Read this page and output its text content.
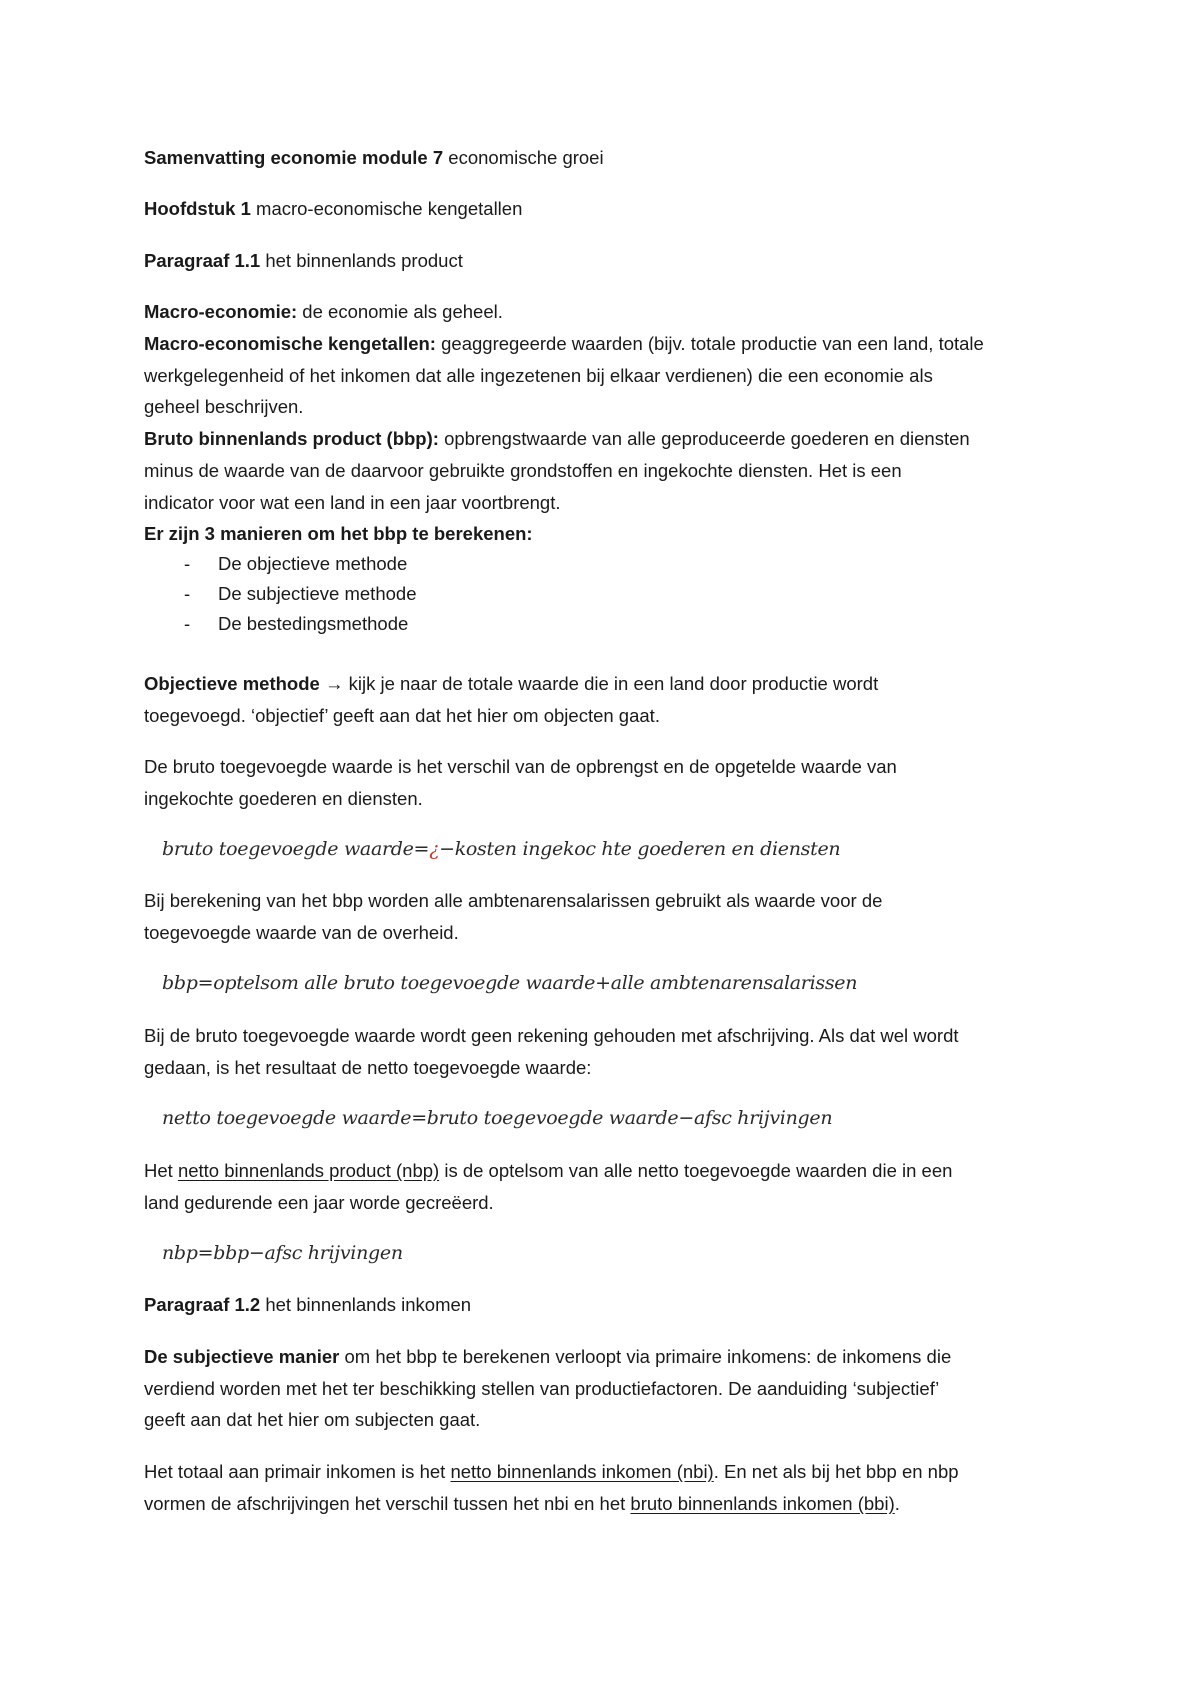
Samenvatting economie module 7 economische groei
Hoofdstuk 1 macro-economische kengetallen
Paragraaf 1.1 het binnenlands product
Macro-economie: de economie als geheel.
Macro-economische kengetallen: geaggregeerde waarden (bijv. totale productie van een land, totale
werkgelegenheid of het inkomen dat alle ingezetenen bij elkaar verdienen) die een economie als
geheel beschrijven.
Bruto binnenlands product (bbp): opbrengstwaarde van alle geproduceerde goederen en diensten
minus de waarde van de daarvoor gebruikte grondstoffen en ingekochte diensten. Het is een
indicator voor wat een land in een jaar voortbrengt.
Er zijn 3 manieren om het bbp te berekenen:
- De objectieve methode
- De subjectieve methode
- De bestedingsmethode
Objectieve methode → kijk je naar de totale waarde die in een land door productie wordt
toegevoegd. ‘objectief’ geeft aan dat het hier om objecten gaat.
De bruto toegevoegde waarde is het verschil van de opbrengst en de opgetelde waarde van
ingekochte goederen en diensten.
bruto toegevoegde waarde=¿−kosten ingekoc hte goederen en diensten
Bij berekening van het bbp worden alle ambtenarensalarissen gebruikt als waarde voor de
toegevoegde waarde van de overheid.
bbp=optelsom alle bruto toegevoegde waarde+alle ambtenarensalarissen
Bij de bruto toegevoegde waarde wordt geen rekening gehouden met afschrijving. Als dat wel wordt
gedaan, is het resultaat de netto toegevoegde waarde:
netto toegevoegde waarde=bruto toegevoegde waarde−afsc hrijvingen
Het netto binnenlands product (nbp) is de optelsom van alle netto toegevoegde waarden die in een
land gedurende een jaar worde gecreëerd.
nbp=bbp−afsc hrijvingen
Paragraaf 1.2 het binnenlands inkomen
De subjectieve manier om het bbp te berekenen verloopt via primaire inkomens: de inkomens die
verdiend worden met het ter beschikking stellen van productiefactoren. De aanduiding ‘subjectief’
geeft aan dat het hier om subjecten gaat.
Het totaal aan primair inkomen is het netto binnenlands inkomen (nbi). En net als bij het bbp en nbp
vormen de afschrijvingen het verschil tussen het nbi en het bruto binnenlands inkomen (bbi).
